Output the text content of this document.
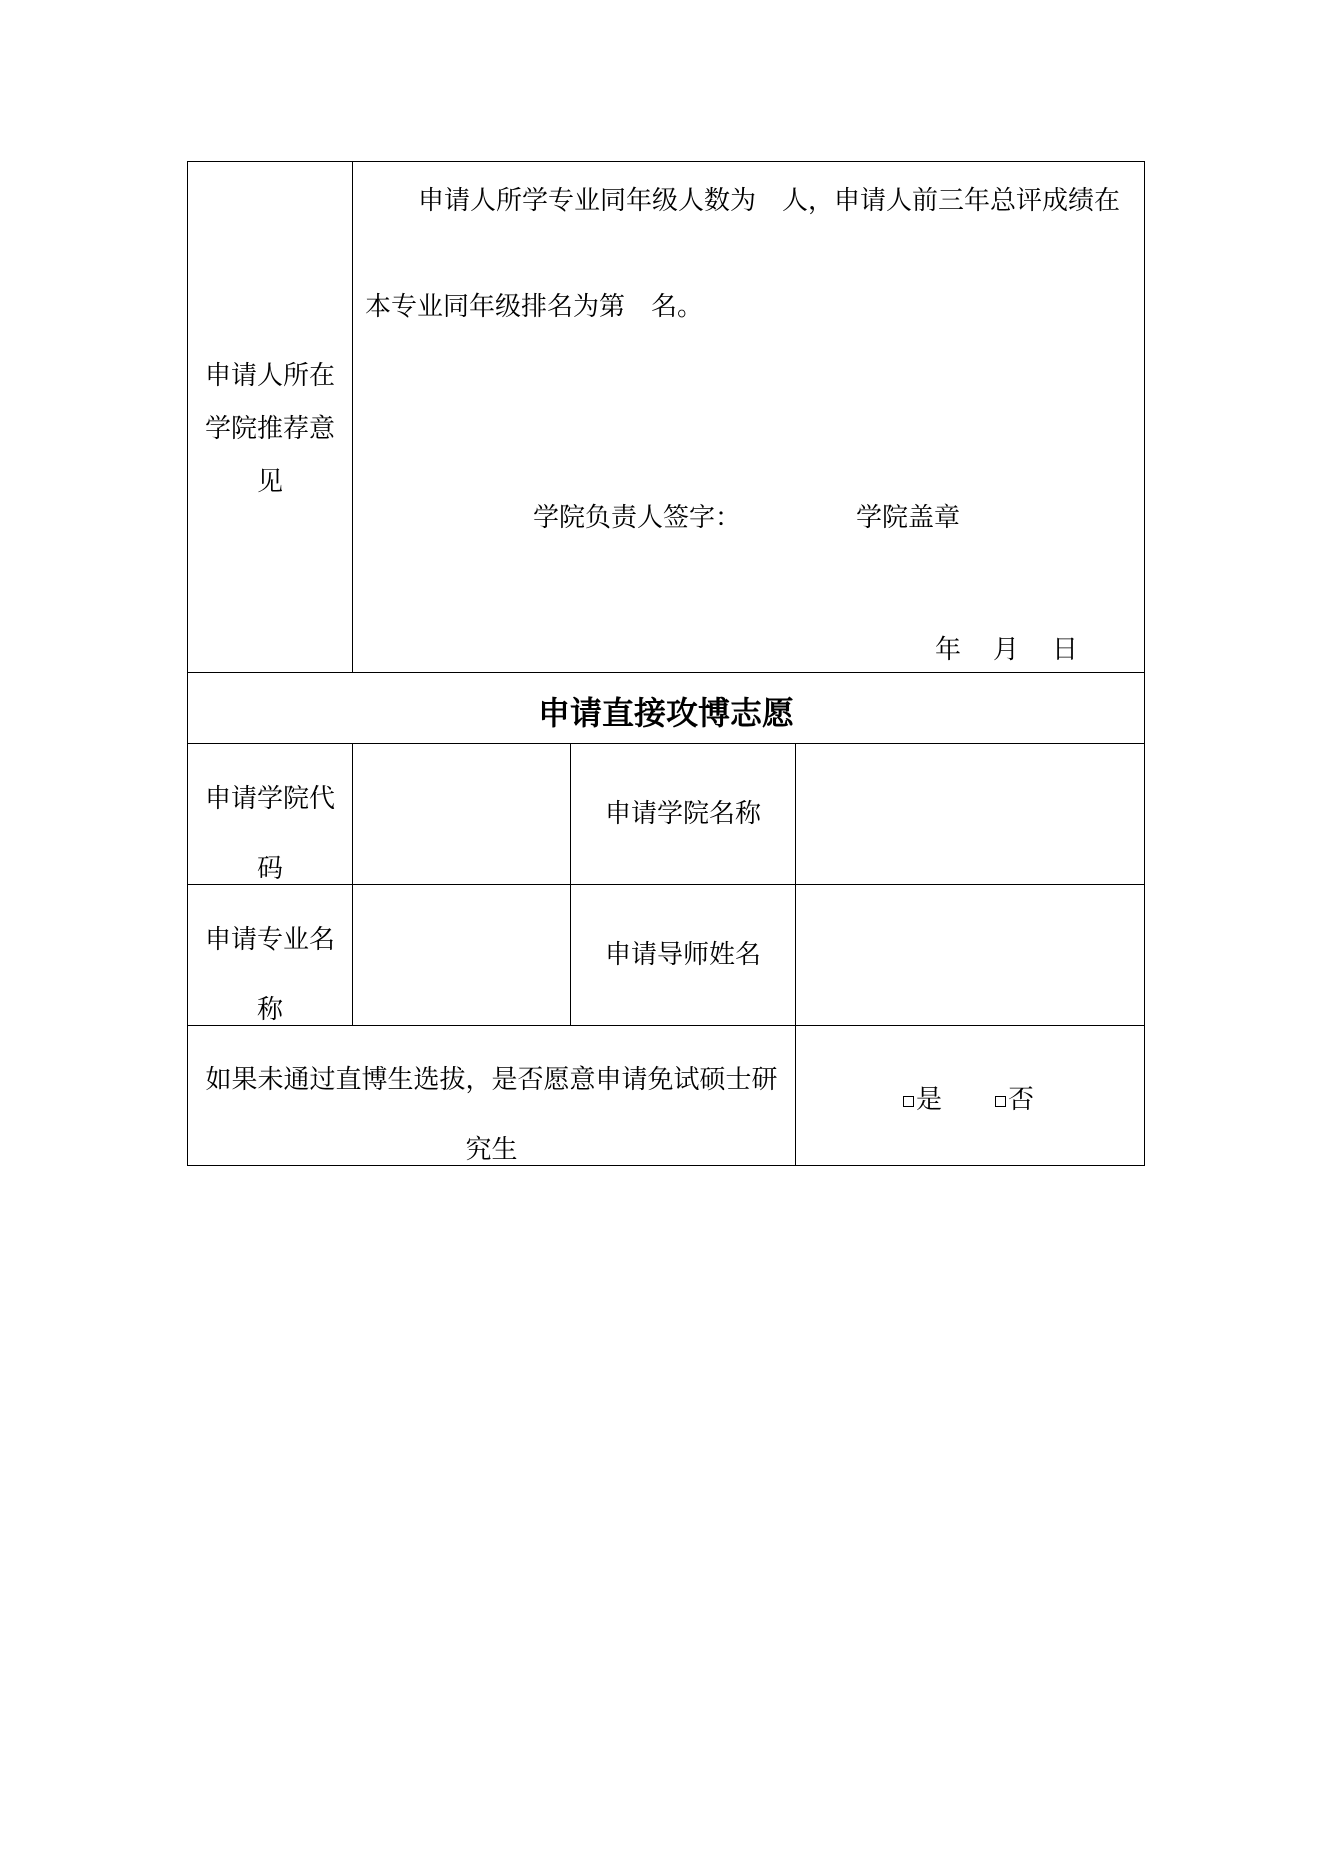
申请人所在
学院推荐意
见
申请人所学专业同年级人数为　人，申请人前三年总评成绩在
本专业同年级排名为第　名。
学院负责人签字：	学院盖章
年 月 日
申请直接攻博志愿
申请学院代
码
申请学院名称
申请专业名
称
申请导师姓名
如果未通过直博生选拔，是否愿意申请免试硕士研
究生
是	否
